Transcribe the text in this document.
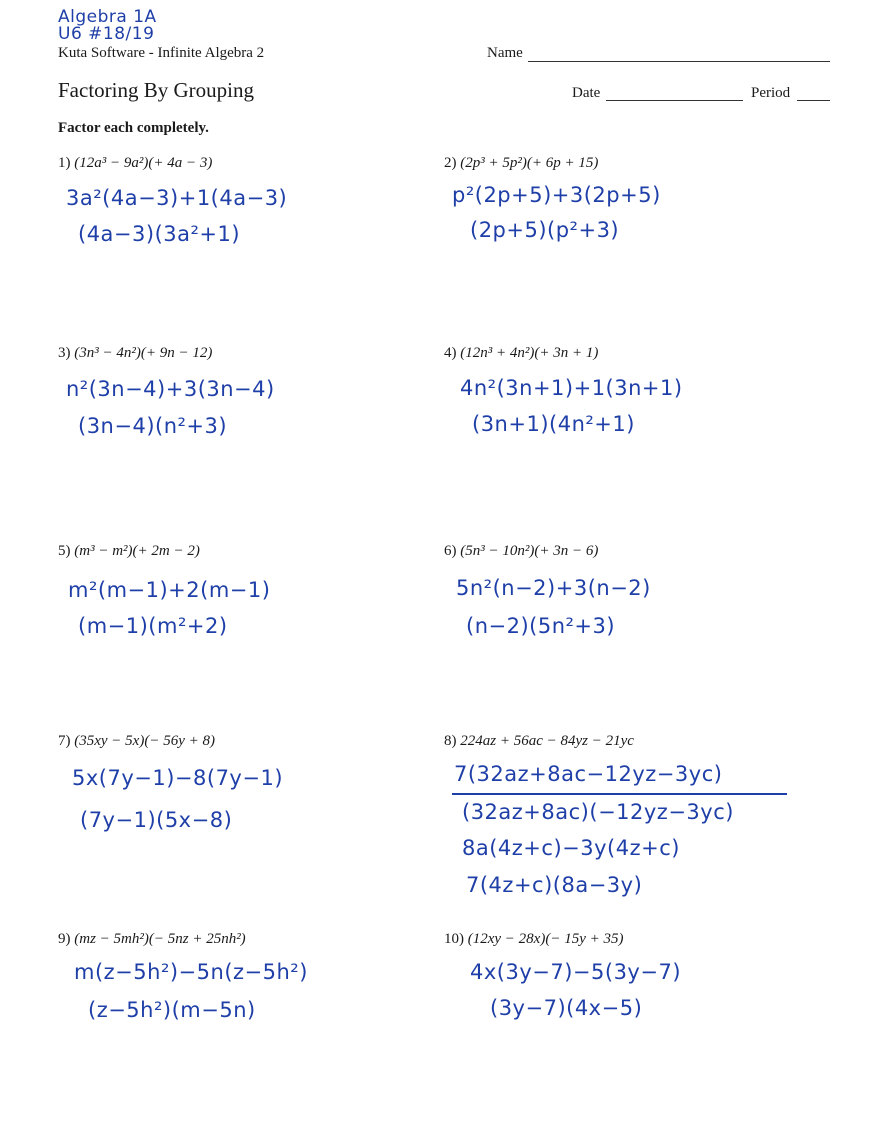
Algebra 1A
U6 #18/19
Kuta Software - Infinite Algebra 2	Name
Factoring By Grouping	Date	Period
Factor each completely.
1) (12a³ − 9a²)(+ 4a − 3)
3a²(4a−3)+1(4a−3)
(4a−3)(3a²+1)
2) (2p³ + 5p²)(+ 6p + 15)
p²(2p+5)+3(2p+5)
(2p+5)(p²+3)
3) (3n³ − 4n²)(+ 9n − 12)
n²(3n−4)+3(3n−4)
(3n−4)(n²+3)
4) (12n³ + 4n²)(+ 3n + 1)
4n²(3n+1)+1(3n+1)
(3n+1)(4n²+1)
5) (m³ − m²)(+ 2m − 2)
m²(m−1)+2(m−1)
(m−1)(m²+2)
6) (5n³ − 10n²)(+ 3n − 6)
5n²(n−2)+3(n−2)
(n−2)(5n²+3)
7) (35xy − 5x)(− 56y + 8)
5x(7y−1)−8(7y−1)
(7y−1)(5x−8)
8) 224az + 56ac − 84yz − 21yc
7(32az+8ac−12yz−3yc)
(32az+8ac)(−12yz−3yc)
8a(4z+c)−3y(4z+c)
7(4z+c)(8a−3y)
9) (mz − 5mh²)(− 5nz + 25nh²)
m(z−5h²)−5n(z−5h²)
(z−5h²)(m−5n)
10) (12xy − 28x)(− 15y + 35)
4x(3y−7)−5(3y−7)
(3y−7)(4x−5)
